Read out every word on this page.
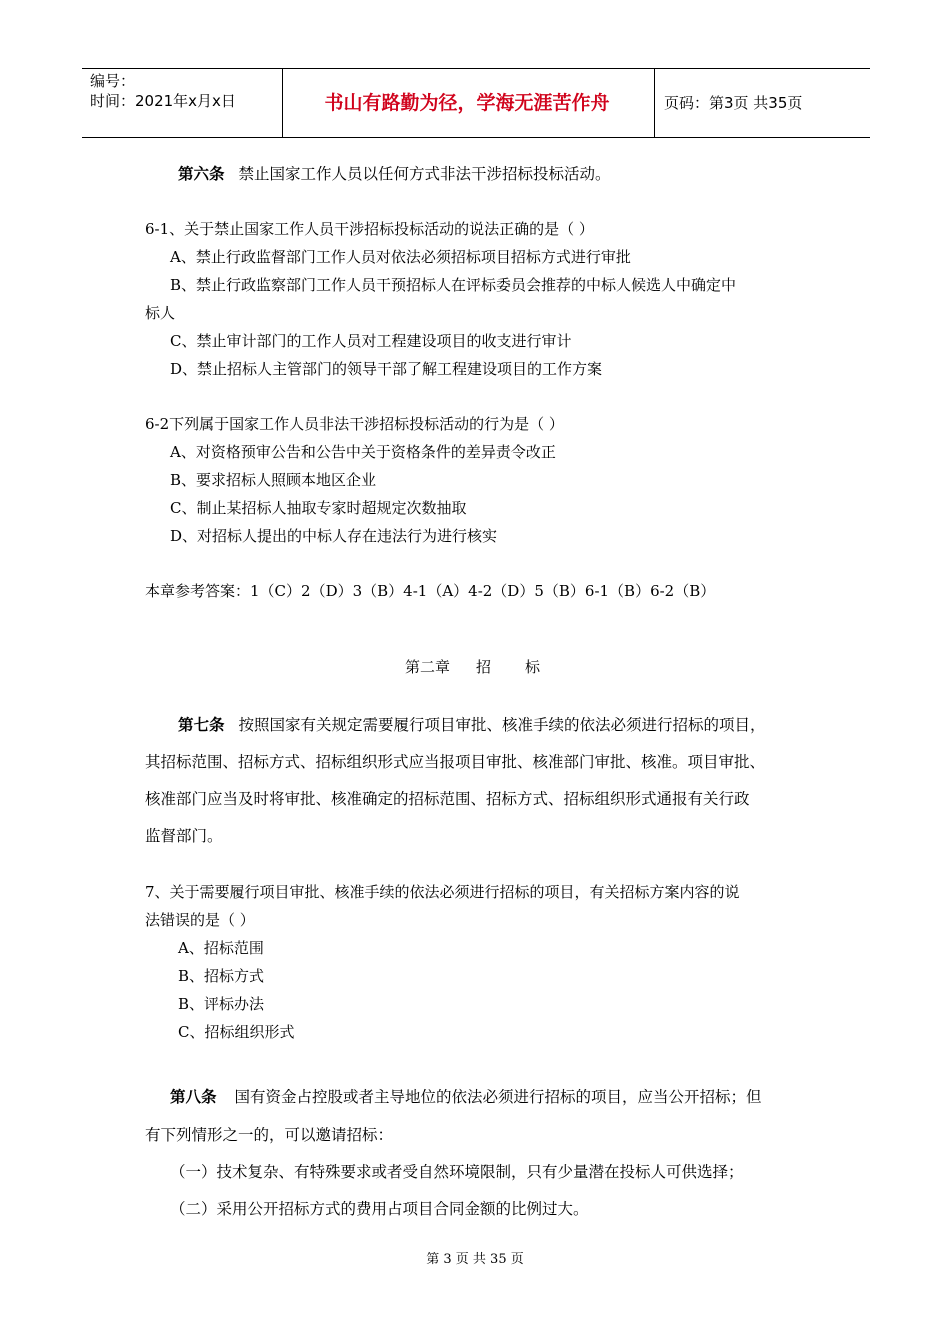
编号：
时间：2021年x月x日	书山有路勤为径，学海无涯苦作舟	页码：第3页 共35页
第六条 禁止国家工作人员以任何方式非法干涉招标投标活动。
6-1、关于禁止国家工作人员干涉招标投标活动的说法正确的是（ ）
A、禁止行政监督部门工作人员对依法必须招标项目招标方式进行审批
B、禁止行政监察部门工作人员干预招标人在评标委员会推荐的中标人候选人中确定中
标人
C、禁止审计部门的工作人员对工程建设项目的收支进行审计
D、禁止招标人主管部门的领导干部了解工程建设项目的工作方案
6-2下列属于国家工作人员非法干涉招标投标活动的行为是（ ）
A、对资格预审公告和公告中关于资格条件的差异责令改正
B、要求招标人照顾本地区企业
C、制止某招标人抽取专家时超规定次数抽取
D、对招标人提出的中标人存在违法行为进行核实
本章参考答案：1（C）2（D）3（B）4-1（A）4-2（D）5（B）6-1（B）6-2（B）
第二章 招 标
第七条 按照国家有关规定需要履行项目审批、核准手续的依法必须进行招标的项目，
其招标范围、招标方式、招标组织形式应当报项目审批、核准部门审批、核准。项目审批、
核准部门应当及时将审批、核准确定的招标范围、招标方式、招标组织形式通报有关行政
监督部门。
7、关于需要履行项目审批、核准手续的依法必须进行招标的项目，有关招标方案内容的说
法错误的是（ ）
A、招标范围
B、招标方式
B、评标办法
C、招标组织形式
第八条 国有资金占控股或者主导地位的依法必须进行招标的项目，应当公开招标；但
有下列情形之一的，可以邀请招标：
（一）技术复杂、有特殊要求或者受自然环境限制，只有少量潜在投标人可供选择；
（二）采用公开招标方式的费用占项目合同金额的比例过大。
第 3 页 共 35 页
